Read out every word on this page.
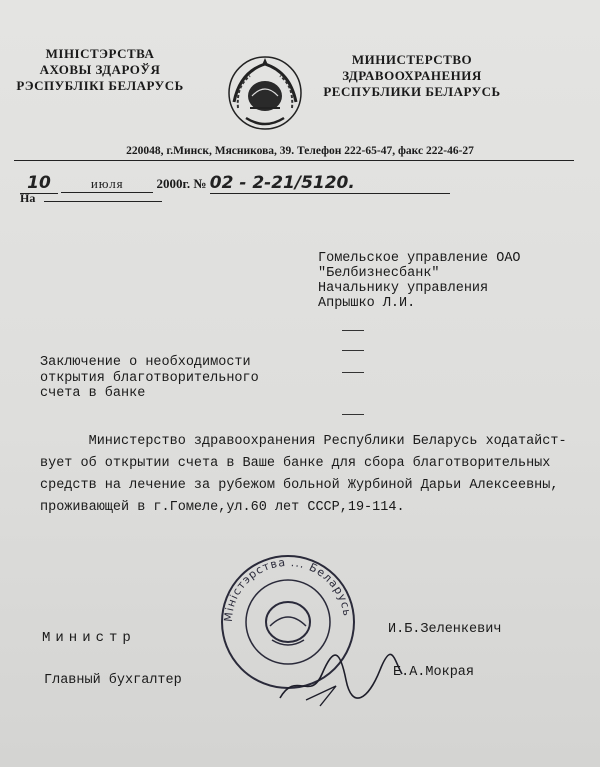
МІНІСТЭРСТВА
АХОВЫ ЗДАРОЎЯ
РЭСПУБЛІКІ БЕЛАРУСЬ
МИНИСТЕРСТВО
ЗДРАВООХРАНЕНИЯ
РЕСПУБЛИКИ БЕЛАРУСЬ
220048, г.Минск, Мясникова, 39. Телефон 222-65-47, факс 222-46-27
10	июля	2000г. № 02 - 2-21/5120.
На
Гомельское управление ОАО
"Белбизнесбанк"
Начальнику управления
Апрышко Л.И.
Заключение о необходимости
открытия благотворительного
счета в банке

Министерство здравоохранения Республики Беларусь ходатайст-

вует об открытии счета в Ваше банке для сбора благотворительных

средств на лечение за рубежом больной Журбиной Дарьи Алексеевны,

проживающей в г.Гомеле,ул.60 лет СССР,19-114.

Міністэрства ... Беларусь
Министр
И.Б.Зеленкевич
Главный бухгалтер
Е.А.Мокрая
